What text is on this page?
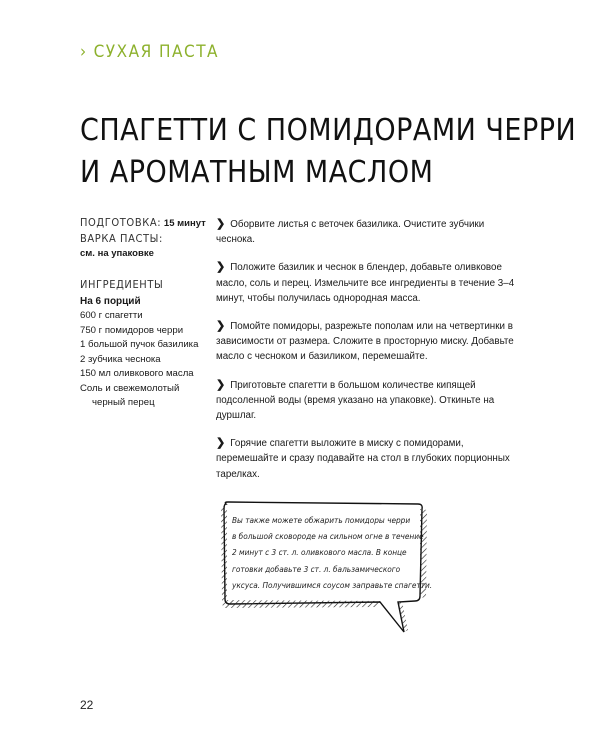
› СУХАЯ ПАСТА
СПАГЕТТИ С ПОМИДОРАМИ ЧЕРРИ
И АРОМАТНЫМ МАСЛОМ
ПОДГОТОВКА: 15 минут
ВАРКА ПАСТЫ:
см. на упаковке
ИНГРЕДИЕНТЫ
На 6 порций
600 г спагетти
750 г помидоров черри
1 большой пучок базилика
2 зубчика чеснока
150 мл оливкового масла
Соль и свежемолотый
черный перец
❯ Оборвите листья с веточек базилика. Очистите зубчики чеснока.
❯ Положите базилик и чеснок в блендер, добавьте оливковое масло, соль и перец. Измельчите все ингредиенты в течение 3–4 минут, чтобы получилась однородная масса.
❯ Помойте помидоры, разрежьте пополам или на четвертинки в зависимости от размера. Сложите в просторную миску. Добавьте масло с чесноком и базиликом, перемешайте.
❯ Приготовьте спагетти в большом количестве кипящей подсоленной воды (время указано на упаковке). Откиньте на дуршлаг.
❯ Горячие спагетти выложите в миску с помидорами, перемешайте и сразу подавайте на стол в глубоких порционных тарелках.
Вы также можете обжарить помидоры черри
в большой сковороде на сильном огне в течение
2 минут с 3 ст. л. оливкового масла. В конце
готовки добавьте 3 ст. л. бальзамического
уксуса. Получившимся соусом заправьте спагетти.
22
